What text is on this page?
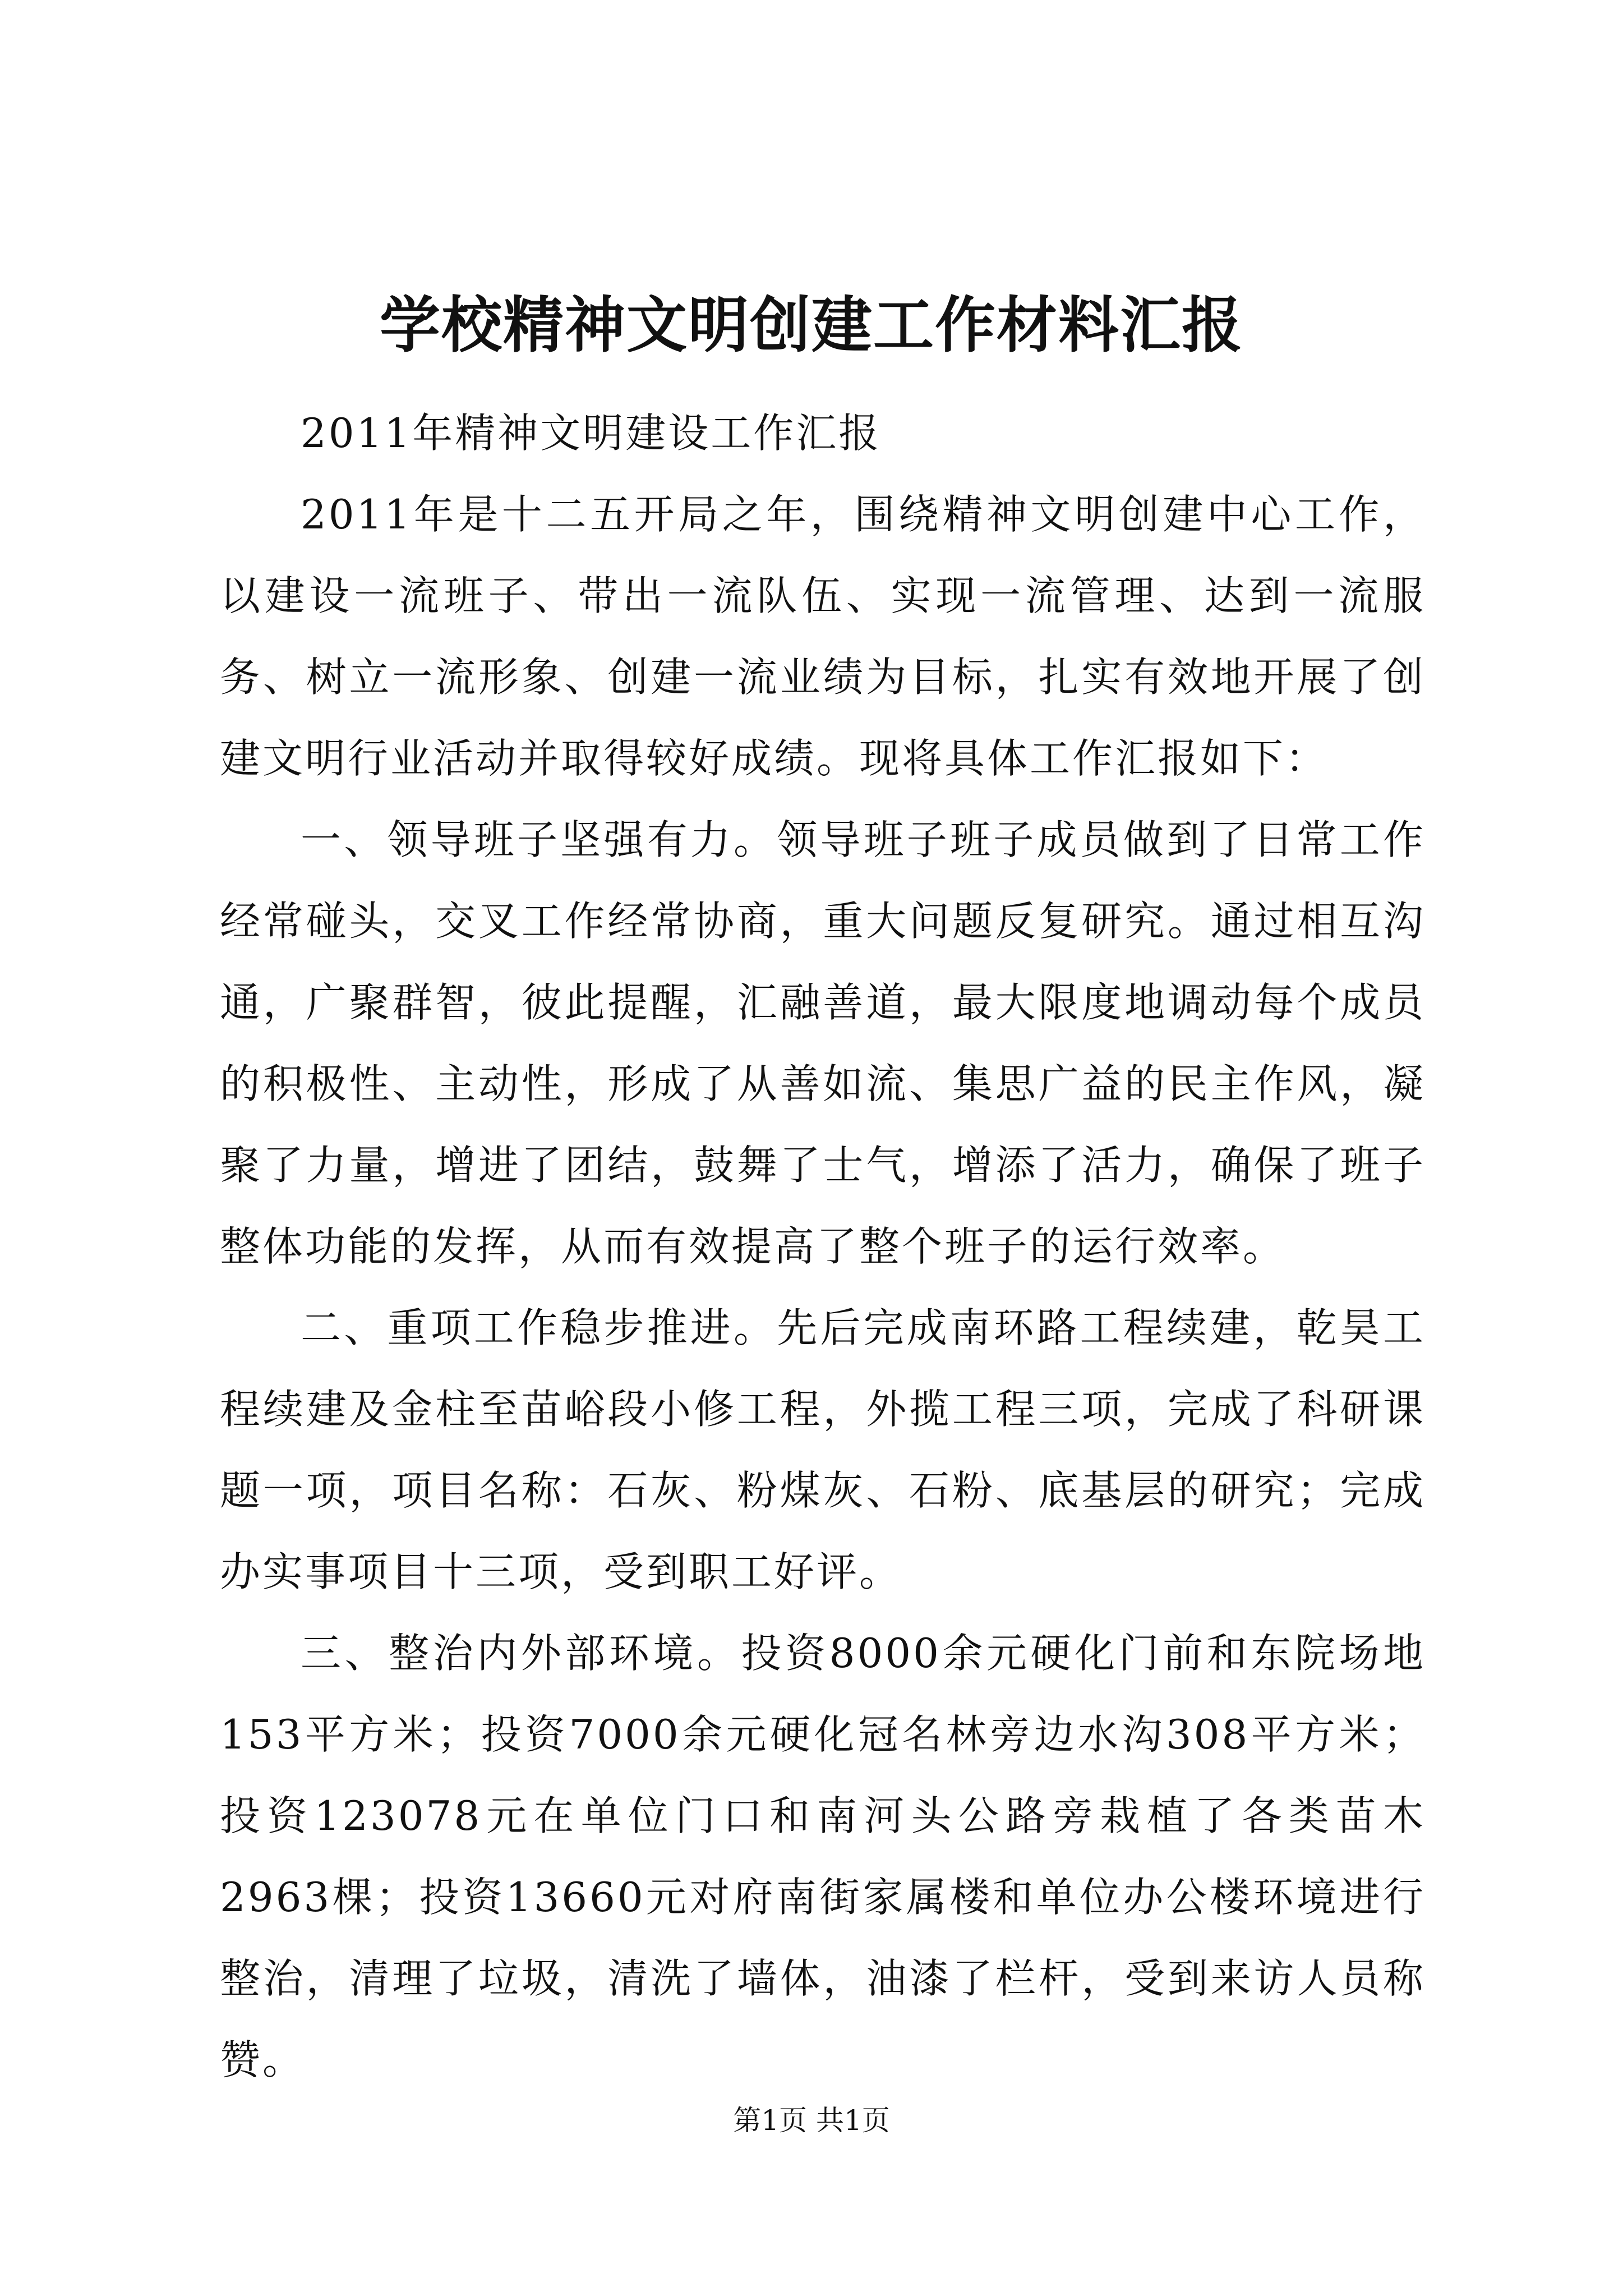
学校精神文明创建工作材料汇报

2011年精神文明建设工作汇报

2011年是十二五开局之年，围绕精神文明创建中心工作，以建设一流班子、带出一流队伍、实现一流管理、达到一流服务、树立一流形象、创建一流业绩为目标，扎实有效地开展了创建文明行业活动并取得较好成绩。现将具体工作汇报如下：

一、领导班子坚强有力。领导班子班子成员做到了日常工作经常碰头，交叉工作经常协商，重大问题反复研究。通过相互沟通，广聚群智，彼此提醒，汇融善道，最大限度地调动每个成员的积极性、主动性，形成了从善如流、集思广益的民主作风，凝聚了力量，增进了团结，鼓舞了士气，增添了活力，确保了班子整体功能的发挥，从而有效提高了整个班子的运行效率。

二、重项工作稳步推进。先后完成南环路工程续建，乾昊工程续建及金柱至苗峪段小修工程，外揽工程三项，完成了科研课题一项，项目名称：石灰、粉煤灰、石粉、底基层的研究；完成办实事项目十三项，受到职工好评。

三、整治内外部环境。投资8000余元硬化门前和东院场地153平方米；投资7000余元硬化冠名林旁边水沟308平方米；投资123078元在单位门口和南河头公路旁栽植了各类苗木2963棵；投资13660元对府南街家属楼和单位办公楼环境进行整治，清理了垃圾，清洗了墙体，油漆了栏杆，受到来访人员称赞。

第1页 共1页
